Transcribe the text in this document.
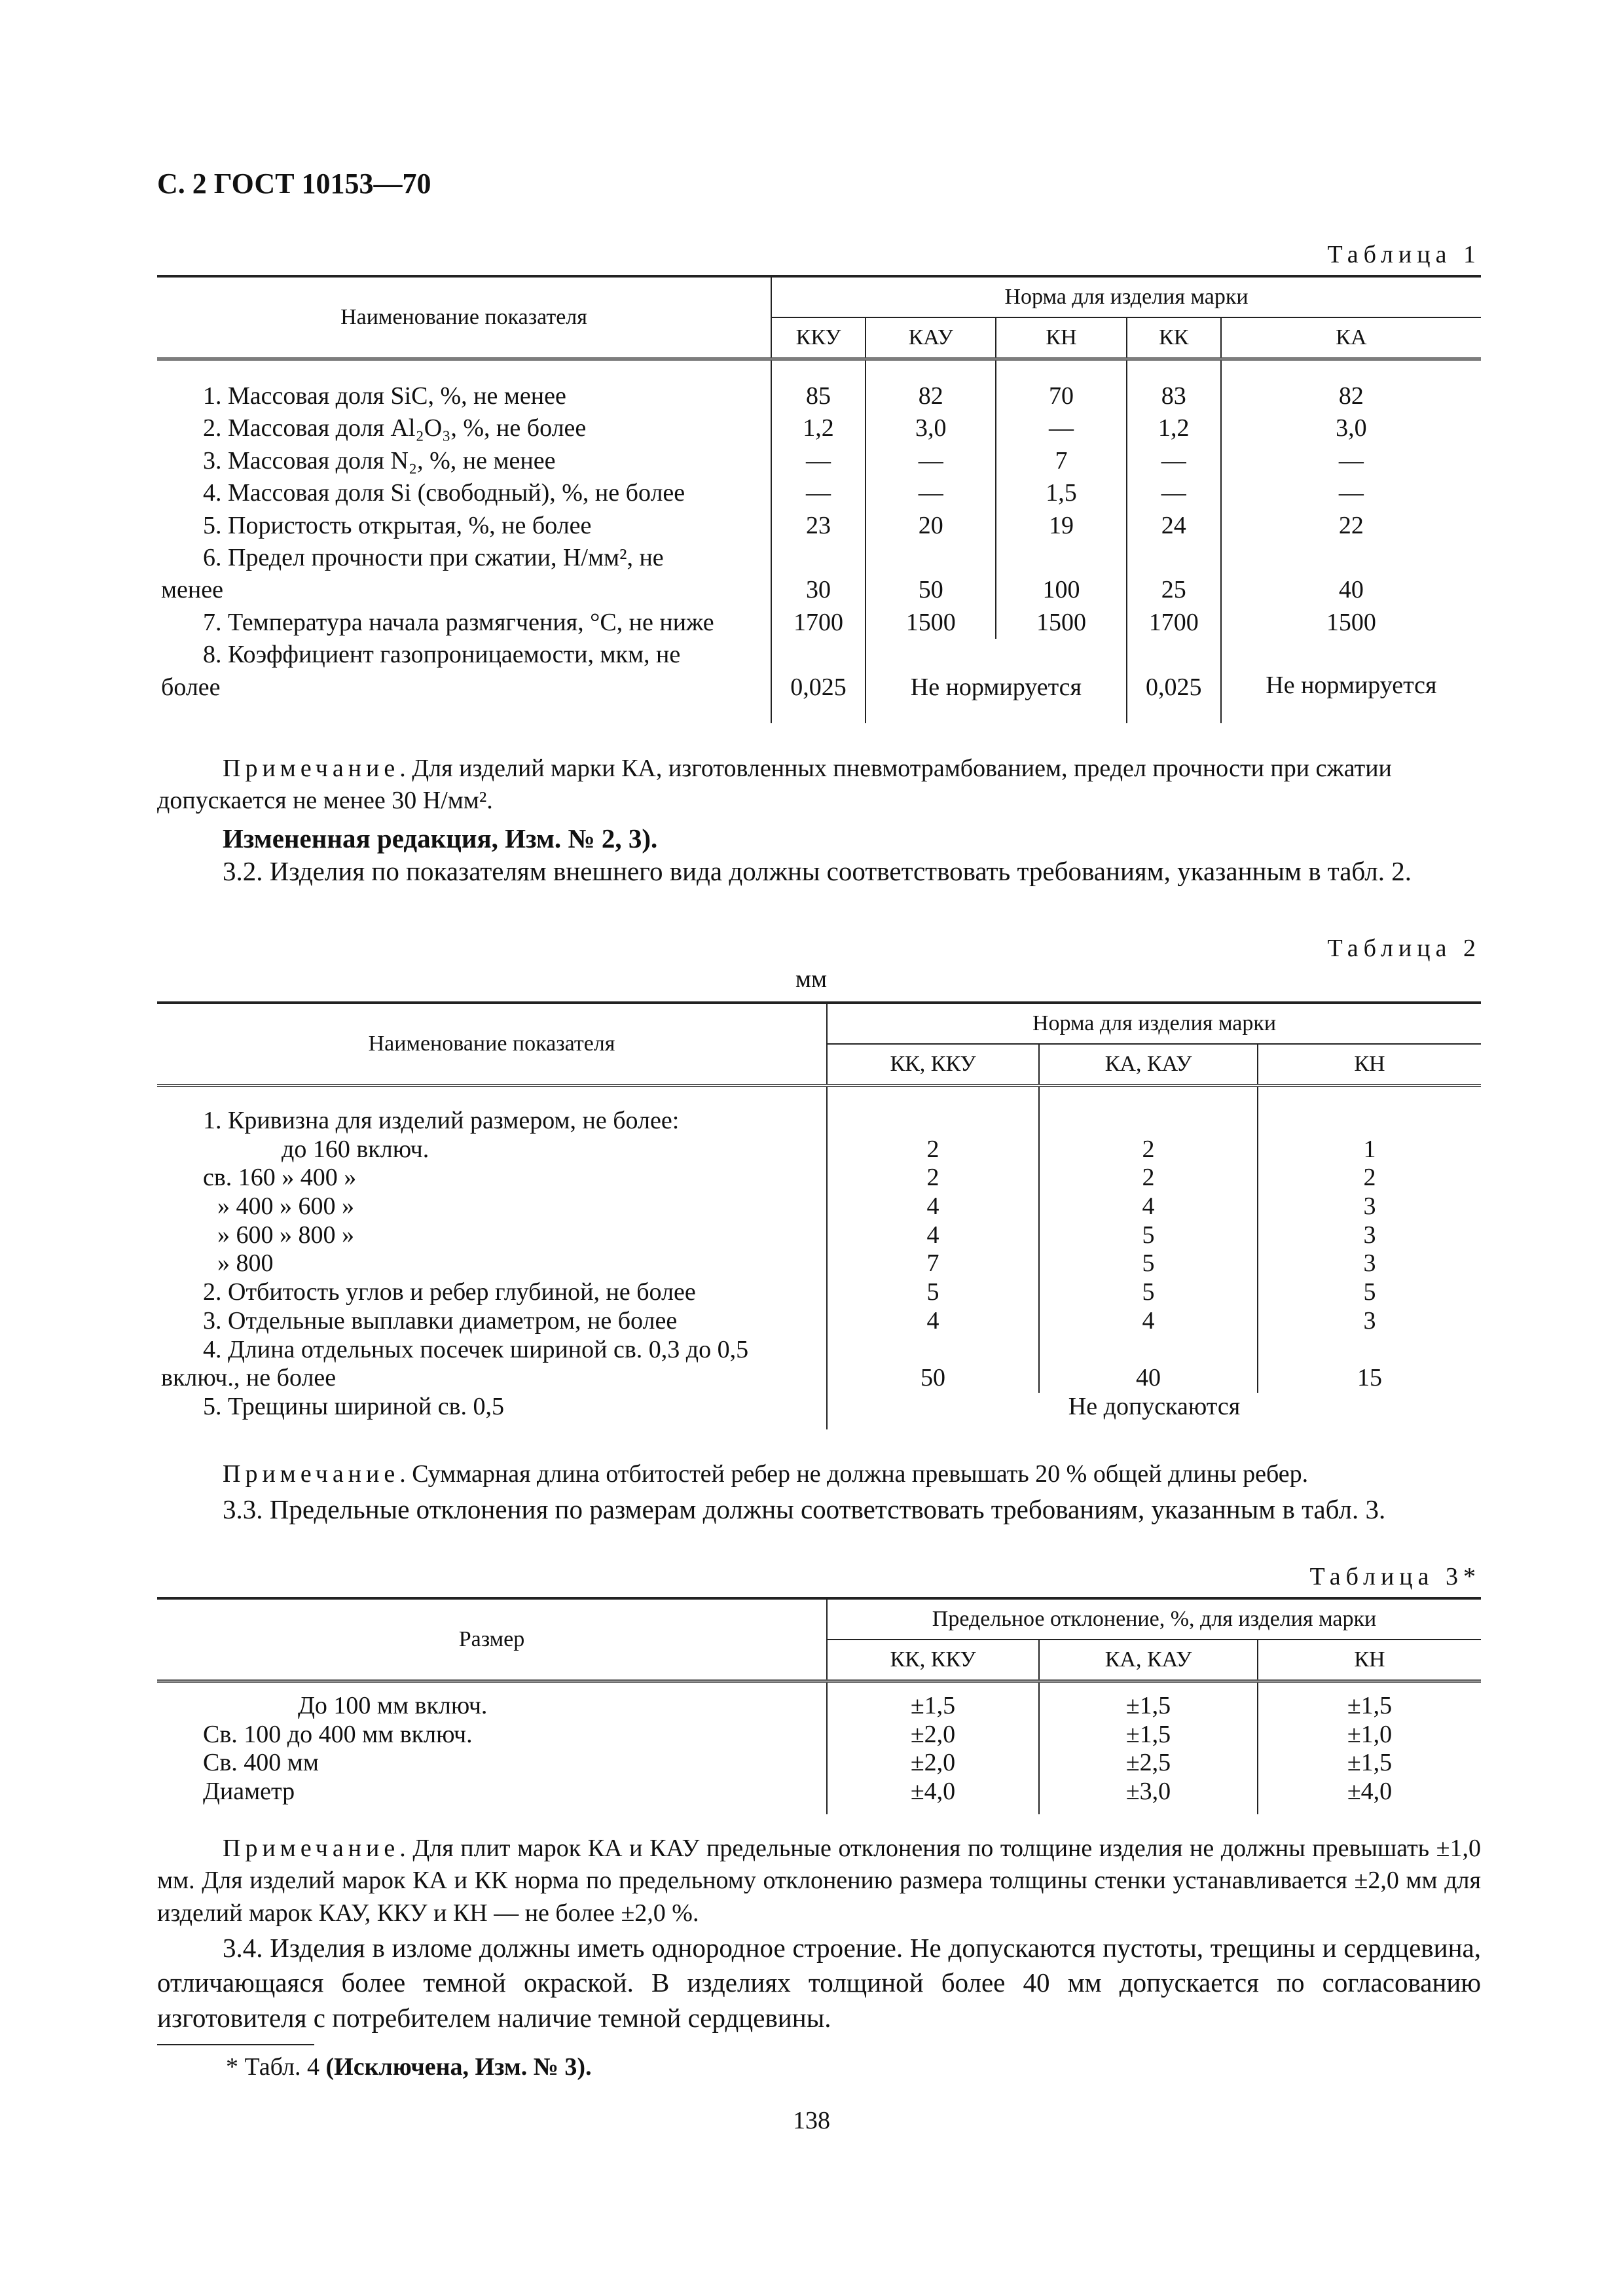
С. 2 ГОСТ 10153—70
Таблица 1
Наименование показателя	Норма для изделия марки				
	ККУ	КАУ	КН	КК	КА
1. Массовая доля SiC, %, не менее	85	82	70	83	82
2. Массовая доля Al₂O₃, %, не более	1,2	3,0	—	1,2	3,0
3. Массовая доля N₂, %, не менее	—	—	7	—	—
4. Массовая доля Si (свободный), %, не более	—	—	1,5	—	—
5. Пористость открытая, %, не более	23	20	19	24	22

6. Предел прочности при сжатии, Н/мм², не
менее	30	50	100	25	40
7. Температура начала размягчения, °С, не ниже	1700	1500	1500	1700	1500

8. Коэффициент газопроницаемости, мкм, не
более	0,025	Не нормируется		0,025	Не нормируется
Примечание. Для изделий марки КА, изготовленных пневмотрамбованием, предел прочности при сжатии допускается не менее 30 Н/мм².
Измененная редакция, Изм. № 2, 3).
3.2. Изделия по показателям внешнего вида должны соответствовать требованиям, указанным в табл. 2.
Таблица 2
мм
Наименование показателя	Норма для изделия марки		
	КК, ККУ	КА, КАУ	КН
1. Кривизна для изделий размером, не более:			
до 160 включ.	2	2	1
св. 160 » 400 »	2	2	2
» 400 » 600 »	4	4	3
» 600 » 800 »	4	5	3
» 800	7	5	3
2. Отбитость углов и ребер глубиной, не более	5	5	5
3. Отдельные выплавки диаметром, не более	4	4	3

4. Длина отдельных посечек шириной св. 0,3 до 0,5
включ., не более	50	40	15
5. Трещины шириной св. 0,5	Не допускаются		
Примечание. Суммарная длина отбитостей ребер не должна превышать 20 % общей длины ребер.
3.3. Предельные отклонения по размерам должны соответствовать требованиям, указанным в табл. 3.
Таблица 3*
Размер	Предельное отклонение, %, для изделия марки		
	КК, ККУ	КА, КАУ	КН
До 100 мм включ.	±1,5	±1,5	±1,5
Св. 100 до 400 мм включ.	±2,0	±1,5	±1,0
Св. 400 мм	±2,0	±2,5	±1,5
Диаметр	±4,0	±3,0	±4,0
Примечание. Для плит марок КА и КАУ предельные отклонения по толщине изделия не должны превышать ±1,0 мм. Для изделий марок КА и КК норма по предельному отклонению размера толщины стенки устанавливается ±2,0 мм для изделий марок КАУ, ККУ и КН — не более ±2,0 %.
3.4. Изделия в изломе должны иметь однородное строение. Не допускаются пустоты, трещины и сердцевина, отличающаяся более темной окраской. В изделиях толщиной более 40 мм допускается по согласованию изготовителя с потребителем наличие темной сердцевины.
* Табл. 4 (Исключена, Изм. № 3).
138
